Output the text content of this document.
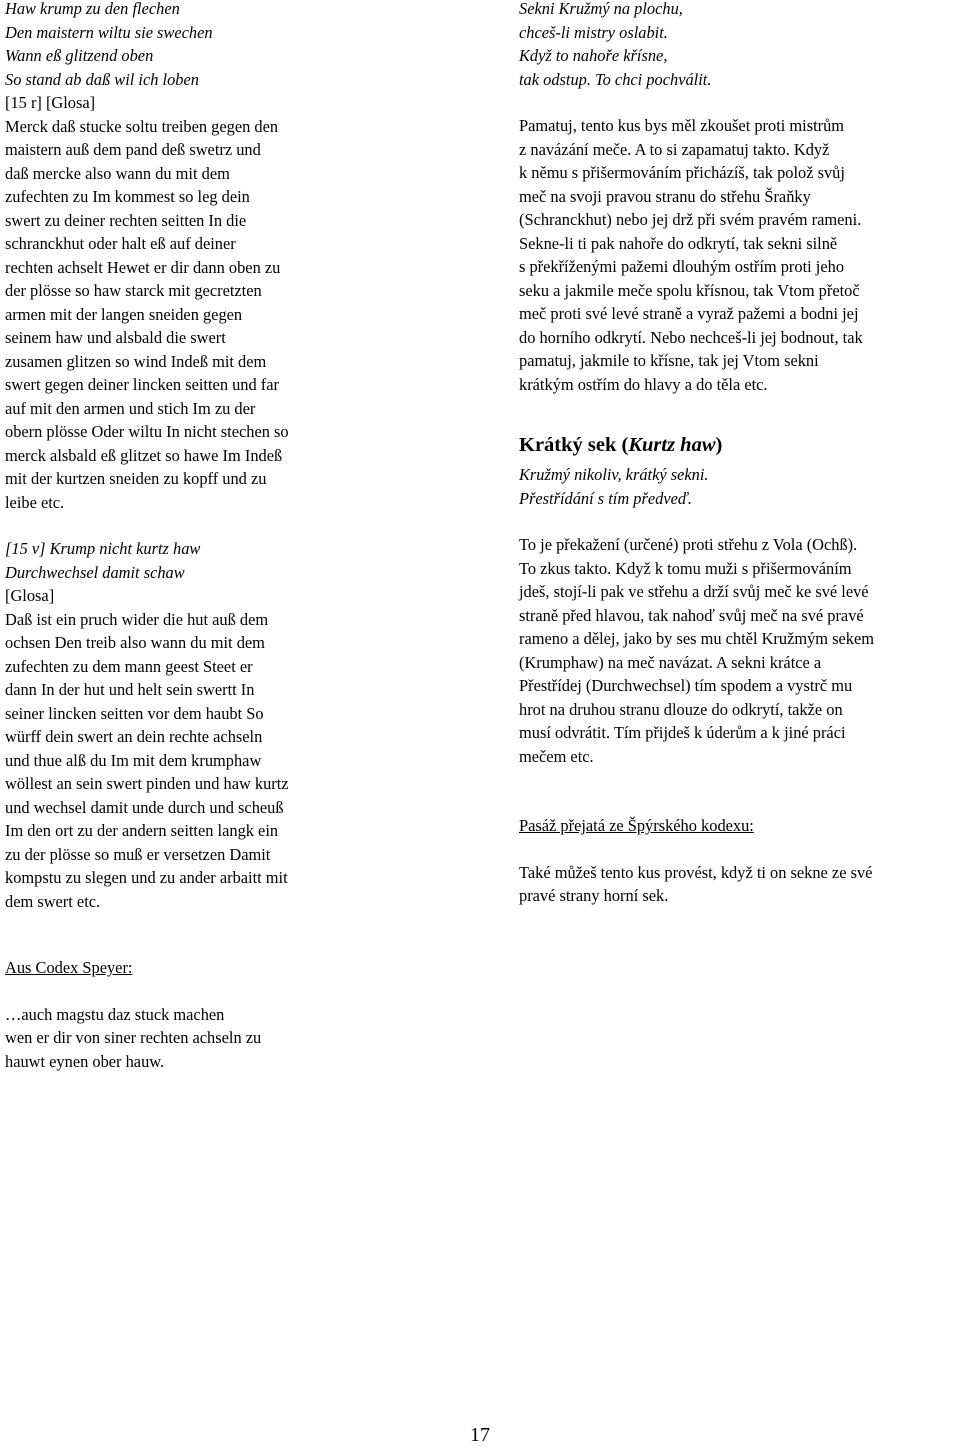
Haw krump zu den flechen
Den maistern wiltu sie swechen
Wann eß glitzend oben
So stand ab daß wil ich loben
[15 r] [Glosa]
Merck daß stucke soltu treiben gegen den
maistern auß dem pand deß swetrz und
daß mercke also wann du mit dem
zufechten zu Im kommest so leg dein
swert zu deiner rechten seitten In die
schranckhut oder halt eß auf deiner
rechten achselt Hewet er dir dann oben zu
der plösse so haw starck mit gecretzten
armen mit der langen sneiden gegen
seinem haw und alsbald die swert
zusamen glitzen so wind Indeß mit dem
swert gegen deiner lincken seitten und far
auf mit den armen und stich Im zu der
obern plösse Oder wiltu In nicht stechen so
merck alsbald eß glitzet so hawe Im Indeß
mit der kurtzen sneiden zu kopff und zu
leibe etc.
[15 v] Krump nicht kurtz haw
Durchwechsel damit schaw
[Glosa]
Daß ist ein pruch wider die hut auß dem
ochsen Den treib also wann du mit dem
zufechten zu dem mann geest Steet er
dann In der hut und helt sein swertt In
seiner lincken seitten vor dem haubt So
würff dein swert an dein rechte achseln
und thue alß du Im mit dem krumphaw
wöllest an sein swert pinden und haw kurtz
und wechsel damit unde durch und scheuß
Im den ort zu der andern seitten langk ein
zu der plösse so muß er versetzen Damit
kompstu zu slegen und zu ander arbaitt mit
dem swert etc.
Sekni Kružmý na plochu,
chceš-li mistry oslabit.
Když to nahoře křísne,
tak odstup. To chci pochválit.
Pamatuj, tento kus bys měl zkoušet proti mistrům
z navázání meče. A to si zapamatuj takto. Když
k němu s přišermováním přicházíš, tak polož svůj
meč na svoji pravou stranu do střehu Šraňky
(Schranckhut) nebo jej drž při svém pravém rameni.
Sekne-li ti pak nahoře do odkrytí, tak sekni silně
s překříženými pažemi dlouhým ostřím proti jeho
seku a jakmile meče spolu křísnou, tak Vtom přetoč
meč proti své levé straně a vyraž pažemi a bodni jej
do horního odkrytí. Nebo nechceš-li jej bodnout, tak
pamatuj, jakmile to křísne, tak jej Vtom sekni
krátkým ostřím do hlavy a do těla etc.
Krátký sek (Kurtz haw)
Kružmý nikoliv, krátký sekni.
Přestřídání s tím předveď.
To je překažení (určené) proti střehu z Vola (Ochß).
To zkus takto. Když k tomu muži s přišermováním
jdeš, stojí-li pak ve střehu a drží svůj meč ke své levé
straně před hlavou, tak nahoď svůj meč na své pravé
rameno a dělej, jako by ses mu chtěl Kružmým sekem
(Krumphaw) na meč navázat. A sekni krátce a
Přestřídej (Durchwechsel) tím spodem a vystrč mu
hrot na druhou stranu dlouze do odkrytí, takže on
musí odvrátit. Tím přijdeš k úderům a k jiné práci
mečem etc.
Pasáž přejatá ze Špýrského kodexu:
Také můžeš tento kus provést, když ti on sekne ze své
pravé strany horní sek.
Aus Codex Speyer:
…auch magstu daz stuck machen
wen er dir von siner rechten achseln zu
hauwt eynen ober hauw.
17
